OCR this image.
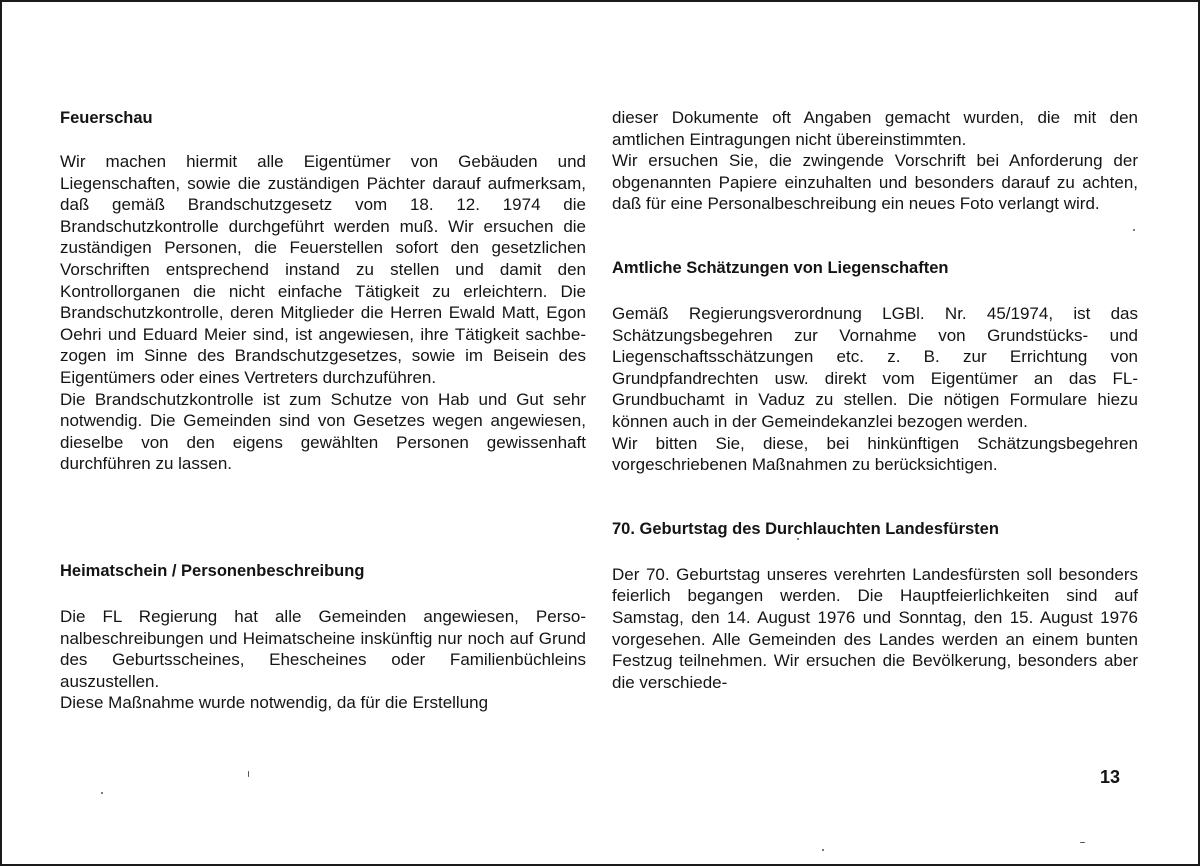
Feuerschau

Wir machen hiermit alle Eigentümer von Gebäuden und Liegenschaften, sowie die zuständigen Pächter darauf aufmerksam, daß gemäß Brandschutzgesetz vom 18. 12. 1974 die Brandschutzkontrolle durchgeführt werden muß. Wir ersuchen die zuständigen Personen, die Feuerstellen sofort den gesetzlichen Vorschriften entsprechend instand zu stellen und damit den Kontrollorganen die nicht einfache Tätigkeit zu erleichtern. Die Brandschutzkontrolle, deren Mitglieder die Herren Ewald Matt, Egon Oehri und Eduard Meier sind, ist angewiesen, ihre Tätigkeit sachbezogen im Sinne des Brandschutzgesetzes, sowie im Beisein des Eigentümers oder eines Vertreters durchzuführen.

Die Brandschutzkontrolle ist zum Schutze von Hab und Gut sehr notwendig. Die Gemeinden sind von Gesetzes wegen angewiesen, dieselbe von den eigens gewählten Personen gewissenhaft durchführen zu lassen.

Heimatschein / Personenbeschreibung

Die FL Regierung hat alle Gemeinden angewiesen, Personalbeschreibungen und Heimatscheine inskünftig nur noch auf Grund des Geburtsscheines, Ehescheines oder Familienbüchleins auszustellen.

Diese Maßnahme wurde notwendig, da für die Erstellung

dieser Dokumente oft Angaben gemacht wurden, die mit den amtlichen Eintragungen nicht übereinstimmten.

Wir ersuchen Sie, die zwingende Vorschrift bei Anforderung der obgenannten Papiere einzuhalten und besonders darauf zu achten, daß für eine Personalbeschreibung ein neues Foto verlangt wird.

Amtliche Schätzungen von Liegenschaften

Gemäß Regierungsverordnung LGBl. Nr. 45/1974, ist das Schätzungsbegehren zur Vornahme von Grundstücks- und Liegenschaftsschätzungen etc. z. B. zur Errichtung von Grundpfandrechten usw. direkt vom Eigentümer an das FL-Grundbuchamt in Vaduz zu stellen. Die nötigen Formulare hiezu können auch in der Gemeindekanzlei bezogen werden.

Wir bitten Sie, diese, bei hinkünftigen Schätzungsbegehren vorgeschriebenen Maßnahmen zu berücksichtigen.

70. Geburtstag des Durchlauchten Landesfürsten

Der 70. Geburtstag unseres verehrten Landesfürsten soll besonders feierlich begangen werden. Die Hauptfeierlichkeiten sind auf Samstag, den 14. August 1976 und Sonntag, den 15. August 1976 vorgesehen. Alle Gemeinden des Landes werden an einem bunten Festzug teilnehmen. Wir ersuchen die Bevölkerung, besonders aber die verschiede-

13
